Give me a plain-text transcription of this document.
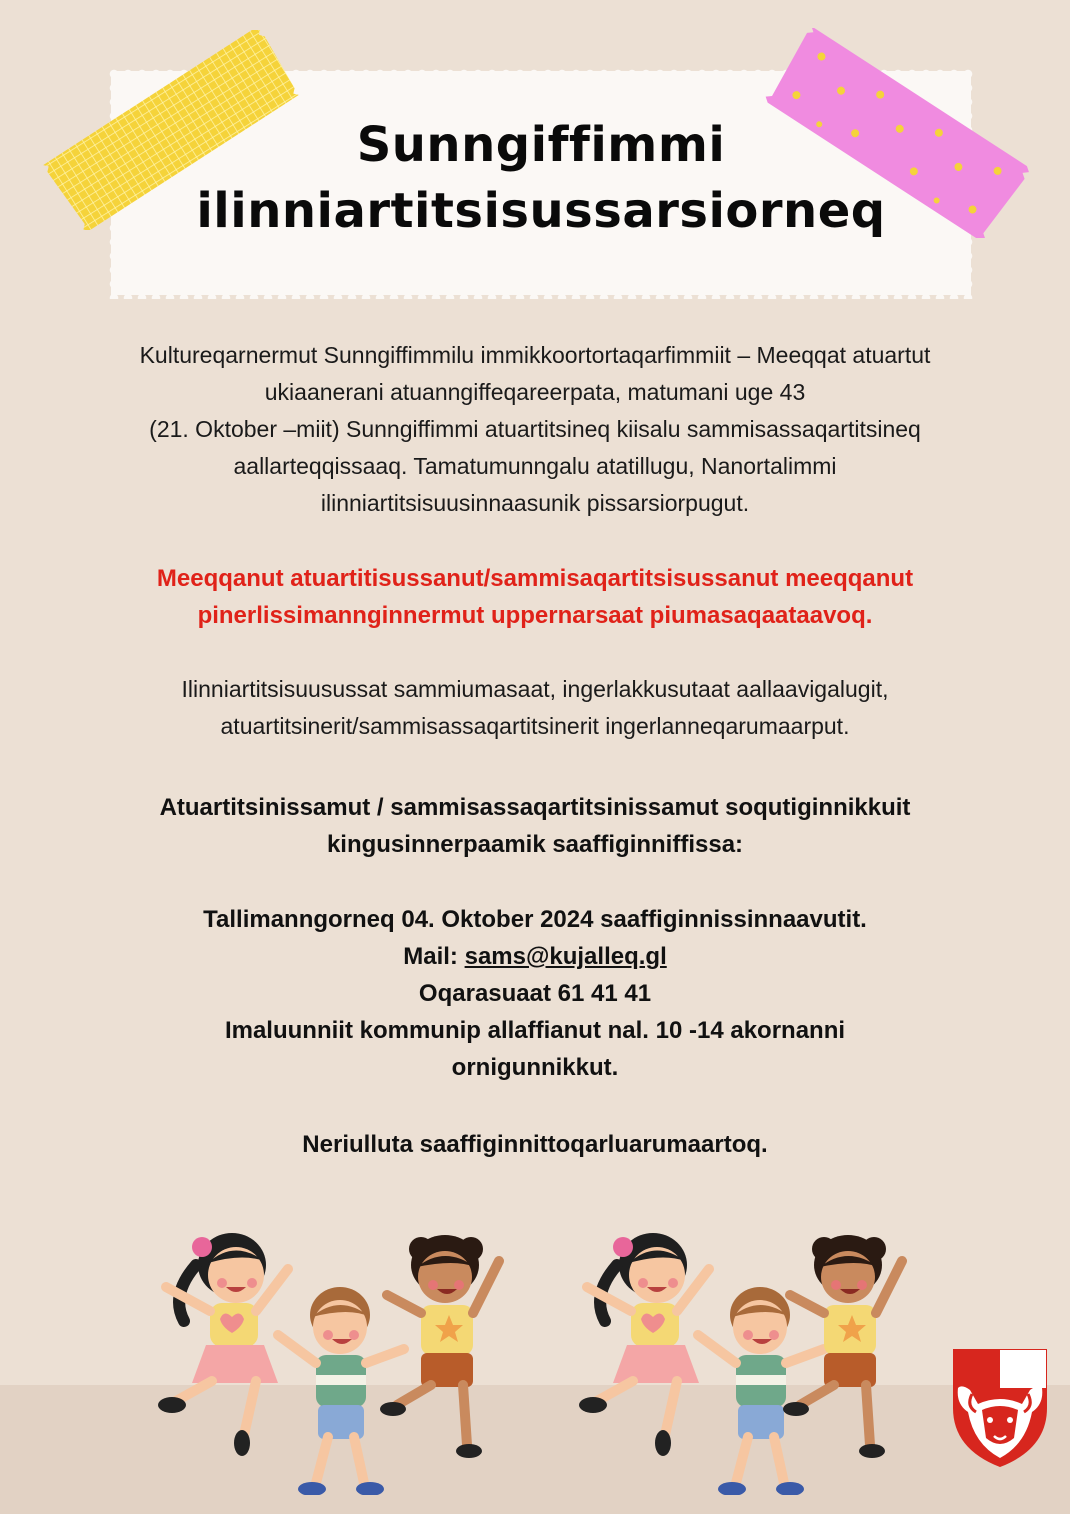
Sunngiffimmi
ilinniartitsisussarsiorneq
Kultureqarnermut Sunngiffimmilu immikkoortortaqarfimmiit – Meeqqat atuartut
ukiaanerani atuanngiffeqareerpata, matumani uge 43
(21. Oktober –miit) Sunngiffimmi atuartitsineq kiisalu sammisassaqartitsineq
aallarteqqissaaq. Tamatumunngalu atatillugu, Nanortalimmi
ilinniartitsisuusinnaasunik pissarsiorpugut.
Meeqqanut atuartitisussanut/sammisaqartitsisussanut meeqqanut
pinerlissimannginnermut uppernarsaat piumasaqaataavoq.
Ilinniartitsisuusussat sammiumasaat, ingerlakkusutaat aallaavigalugit,
atuartitsinerit/sammisassaqartitsinerit ingerlanneqarumaarput.
Atuartitsinissamut / sammisassaqartitsinissamut soqutiginnikkuit
kingusinnerpaamik saaffiginniffissa:
Tallimanngorneq 04. Oktober 2024 saaffiginnissinnaavutit.
Mail: sams@kujalleq.gl
Oqarasuaat 61 41 41
Imaluunniit kommunip allaffianut nal. 10 -14 akornanni
ornigunnikkut.
Neriulluta saaffiginnittoqarluarumaartoq.
